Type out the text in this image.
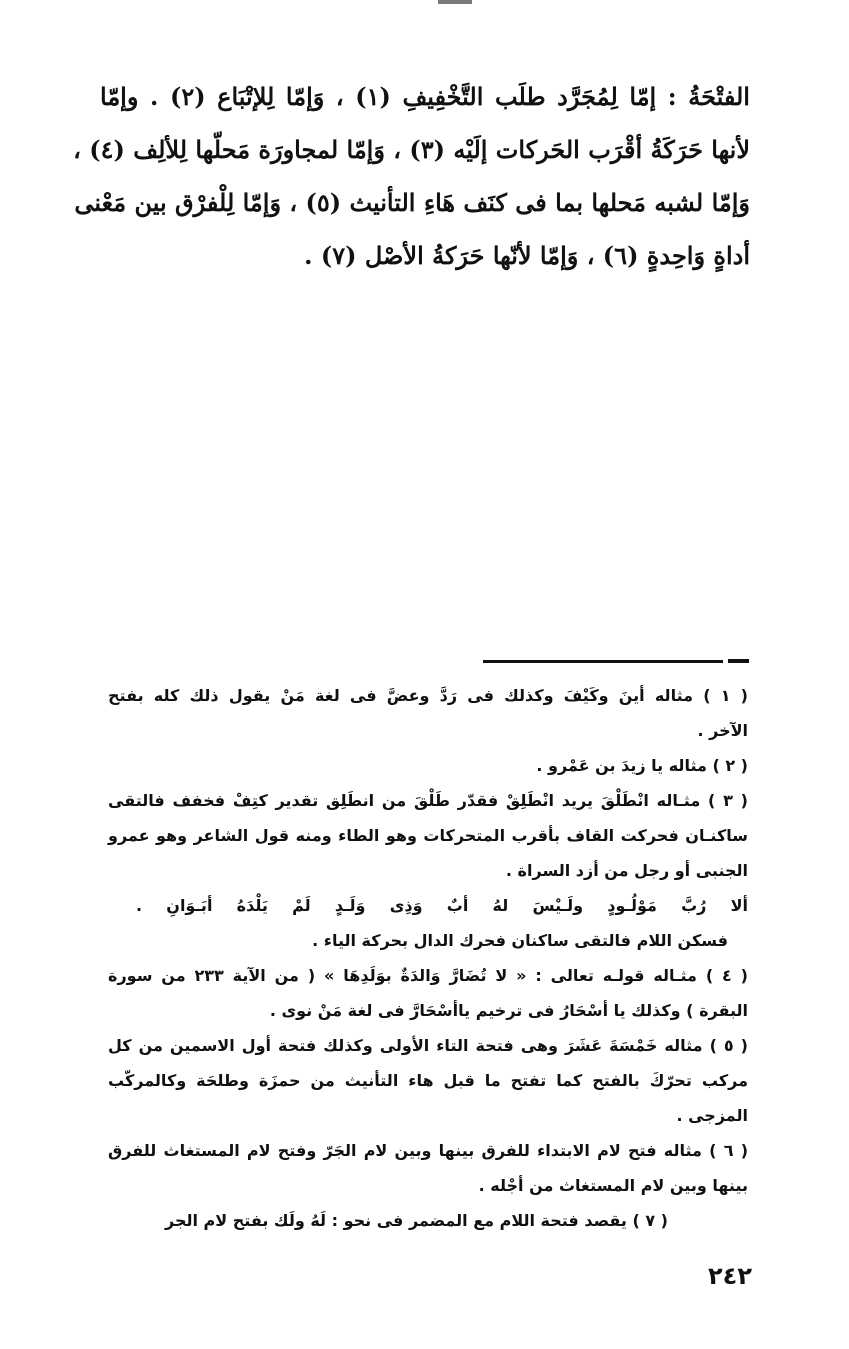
الفتْحَةُ : إمّا لِمُجَرَّد طلَب التَّخْفِيفِ (١) ، وَإمّا لِلإتْبَاع (٢) . وإمّا
لأنها حَرَكَةُ أقْرَب الحَركات إلَيْه (٣) ، وَإمّا لمجاورَة مَحلّها لِلألِف (٤) ،
وَإمّا لشبه مَحلها بما فى كنَف هَاءِ التأنيث (٥) ، وَإمّا لِلْفرْق بين مَعْنى
أداةٍ وَاحِدةٍ (٦) ، وَإمّا لأنّها حَرَكةُ الأصْل (٧) .
( ١ ) مثاله أينَ وكَيْفَ وكذلك فى رَدَّ وعضَّ فى لغة مَنْ يقول ذلك كله بفتح
الآخر .
( ٢ ) مثاله يا زيدَ بن عَمْرو .
( ٣ ) مثـاله انْطَلْقَ يريد انْطَلِقْ فقدّر طَلْقَ من انطَلِق تقدير كتِفْ فخفف فالتقى
ساكنـان فحركت القاف بأقرب المتحركات وهو الطاء ومنه قول الشاعر وهو عمرو
الجنبى أو رجل من أزد السراة .
ألا رُبَّ مَوْلُـودٍ ولَـيْسَ لهُ أبٌ وَذِى وَلَـدٍ لَمْ يَلْدَهُ أبَـوَانِ .
فسكن اللام فالتقى ساكنان فحرك الدال بحركة الياء .
( ٤ ) مثـاله قولـه تعالى : « لا تُضَارَّ وَالدَةٌ بوَلَدِهَا » ( من الآية ٢٣٣ من سورة
البقرة ) وكذلك يا أسْحَارُ فى ترخيم ياأسْحَارَّ فى لغة مَنْ نوى .
( ٥ ) مثاله خَمْسَةَ عَشَرَ وهى فتحة التاء الأولى وكذلك فتحة أول الاسمين من كل
مركب تحرّكَ بالفتح كما تفتح ما قبل هاء التأنيث من حمزَة وطلحَة وكالمركّب
المزجى .
( ٦ ) مثاله فتح لام الابتداء للفرق بينها وبين لام الجَرّ وفتح لام المستغاث للفرق
بينها وبين لام المستغاث من أجْله .
( ٧ ) يقصد فتحة اللام مع المضمر فى نحو : لَهُ ولَك بفتح لام الجر
٢٤٢
